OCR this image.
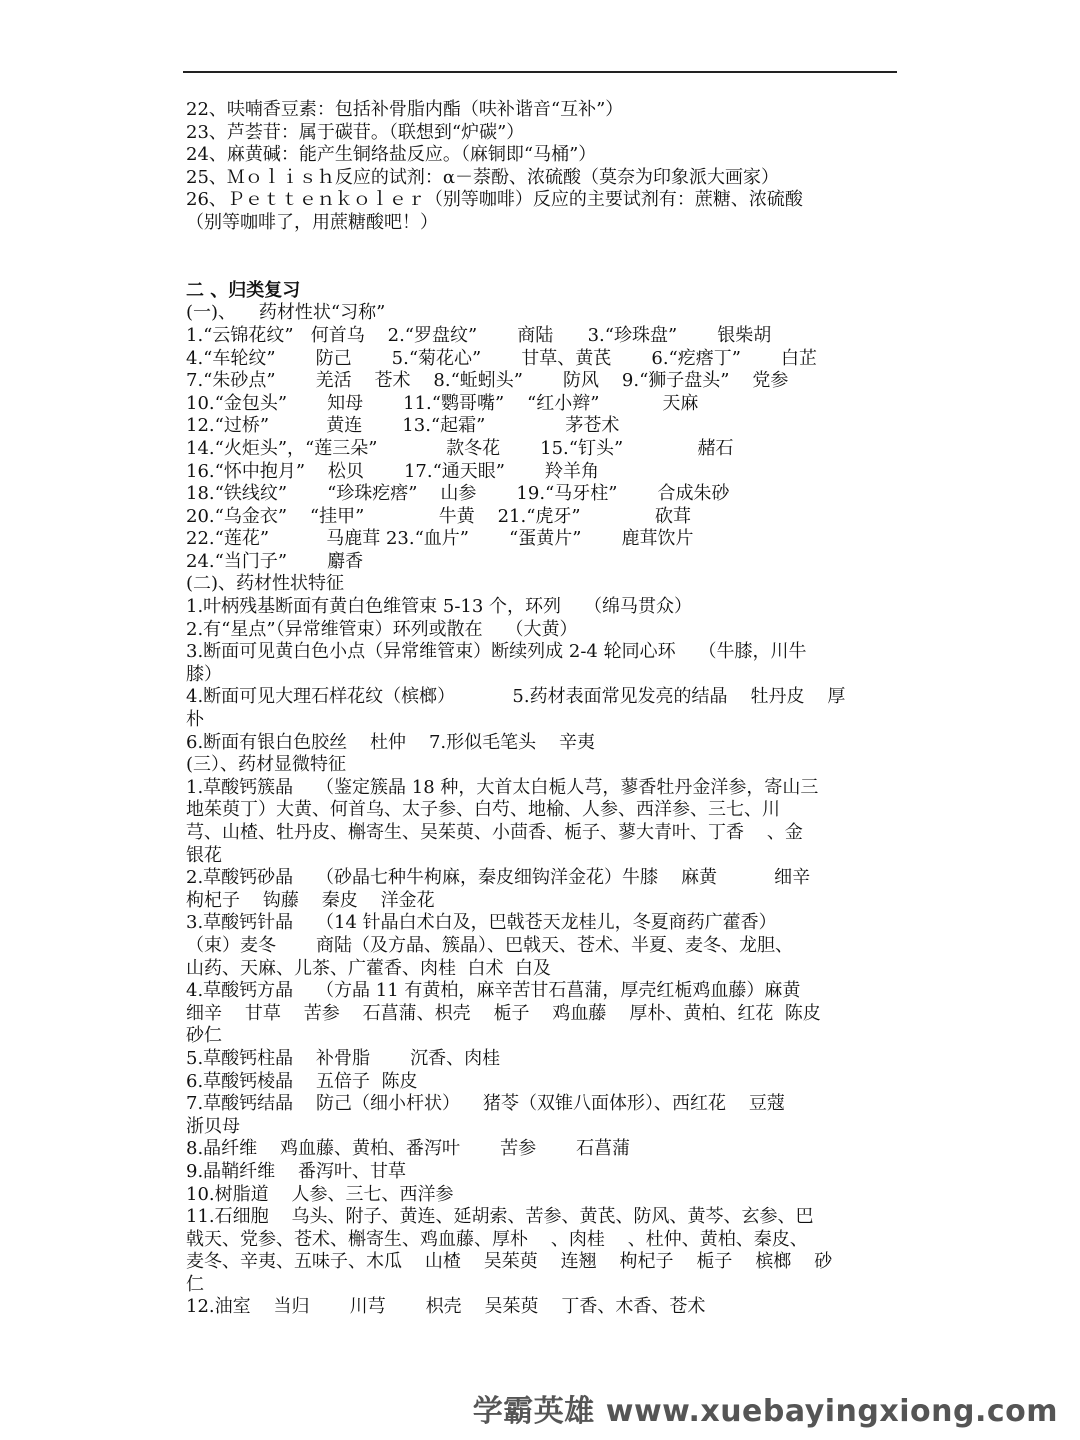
22、呋喃香豆素：包括补骨脂内酯（呋补谐音“互补”）
23、芦荟苷：属于碳苷。（联想到“炉碳”）
24、麻黄碱：能产生铜络盐反应。（麻铜即“马桶”）
25、Ｍｏｌｉｓｈ反应的试剂：α－萘酚、浓硫酸（莫奈为印象派大画家）
26、Ｐｅｔｔｅｎｋｏｌｅｒ（别等咖啡）反应的主要试剂有：蔗糖、浓硫酸
（别等咖啡了，用蔗糖酸吧！）
二 、归类复习
(一)、    药材性状“习称”
1.“云锦花纹”   何首乌    2.“罗盘纹”       商陆      3.“珍珠盘”       银柴胡
4.“车轮纹”       防己       5.“菊花心”       甘草、黄芪       6.“疙瘩丁”       白芷
7.“朱砂点”       羌活    苍术    8.“蚯蚓头”       防风    9.“狮子盘头”    党参
10.“金包头”       知母       11.“鹦哥嘴”    “红小辫”           天麻
12.“过桥”          黄连       13.“起霜”              茅苍术
14.“火炬头”，“莲三朵”            款冬花       15.“钉头”             赭石
16.“怀中抱月”    松贝       17.“通天眼”       羚羊角
18.“铁线纹”       “珍珠疙瘩”    山参       19.“马牙柱”       合成朱砂
20.“乌金衣”    “挂甲”             牛黄    21.“虎牙”             砍茸
22.“莲花”          马鹿茸 23.“血片”       “蛋黄片”       鹿茸饮片
24.“当门子”       麝香
(二)、药材性状特征
1.叶柄残基断面有黄白色维管束 5-13 个，环列    （绵马贯众）
2.有“星点”（异常维管束）环列或散在    （大黄）
3.断面可见黄白色小点（异常维管束）断续列成 2-4 轮同心环    （牛膝，川牛
膝）
4.断面可见大理石样花纹（槟榔）          5.药材表面常见发亮的结晶    牡丹皮    厚
朴
6.断面有银白色胶丝    杜仲    7.形似毛笔头    辛夷
(三）、药材显微特征
1.草酸钙簇晶    （鉴定簇晶 18 种，大首太白栀人芎，蓼香牡丹金洋参，寄山三
地茱萸丁）大黄、何首乌、太子参、白芍、地榆、人参、西洋参、三七、川
芎、山楂、牡丹皮、槲寄生、吴茱萸、小茴香、栀子、蓼大青叶、丁香    、金
银花
2.草酸钙砂晶    （砂晶七种牛枸麻，秦皮细钩洋金花）牛膝    麻黄          细辛
枸杞子    钩藤    秦皮    洋金花
3.草酸钙针晶    （14 针晶白术白及，巴戟苍天龙桂儿，冬夏商药广藿香）
（束）麦冬       商陆（及方晶、簇晶）、巴戟天、苍术、半夏、麦冬、龙胆、
山药、天麻、儿茶、广藿香、肉桂  白术  白及
4.草酸钙方晶    （方晶 11 有黄柏，麻辛苦甘石菖蒲，厚壳红栀鸡血藤）麻黄
细辛    甘草    苦参    石菖蒲、枳壳    栀子    鸡血藤    厚朴、黄柏、红花  陈皮
砂仁
5.草酸钙柱晶    补骨脂       沉香、肉桂
6.草酸钙棱晶    五倍子  陈皮
7.草酸钙结晶    防己（细小杆状）    猪苓（双锥八面体形）、西红花    豆蔻
浙贝母
8.晶纤维    鸡血藤、黄柏、番泻叶       苦参       石菖蒲
9.晶鞘纤维    番泻叶、甘草
10.树脂道    人参、三七、西洋参
11.石细胞    乌头、附子、黄连、延胡索、苦参、黄芪、防风、黄芩、玄参、巴
戟天、党参、苍术、槲寄生、鸡血藤、厚朴    、肉桂    、杜仲、黄柏、秦皮、
麦冬、辛夷、五味子、木瓜    山楂    吴茱萸    连翘    枸杞子    栀子    槟榔    砂
仁
12.油室    当归       川芎       枳壳    吴茱萸    丁香、木香、苍术
学霸英雄 www.xuebayingxiong.com
